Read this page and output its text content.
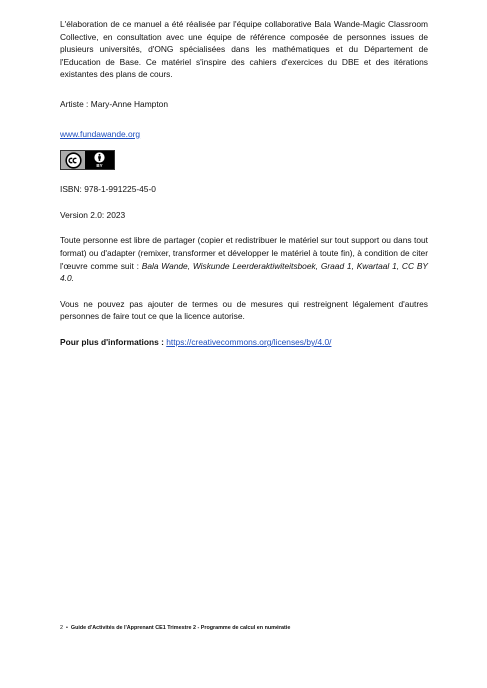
L'élaboration de ce manuel a été réalisée par l'équipe collaborative Bala Wande-Magic Classroom Collective, en consultation avec une équipe de référence composée de personnes issues de plusieurs universités, d'ONG spécialisées dans les mathématiques et du Département de l'Education de Base. Ce matériel s'inspire des cahiers d'exercices du DBE et des itérations existantes des plans de cours.

Artiste : Mary-Anne Hampton

www.fundawande.org

BY

ISBN: 978-1-991225-45-0

Version 2.0: 2023

Toute personne est libre de partager (copier et redistribuer le matériel sur tout support ou dans tout format) ou d'adapter (remixer, transformer et développer le matériel à toute fin), à condition de citer l'œuvre comme suit : Bala Wande, Wiskunde Leerderaktiwiteitsboek, Graad 1, Kwartaal 1, CC BY 4.0.

Vous ne pouvez pas ajouter de termes ou de mesures qui restreignent légalement d'autres personnes de faire tout ce que la licence autorise.

Pour plus d'informations : https://creativecommons.org/licenses/by/4.0/

2 • Guide d'Activités de l'Apprenant CE1 Trimestre 2 - Programme de calcul en numératie
